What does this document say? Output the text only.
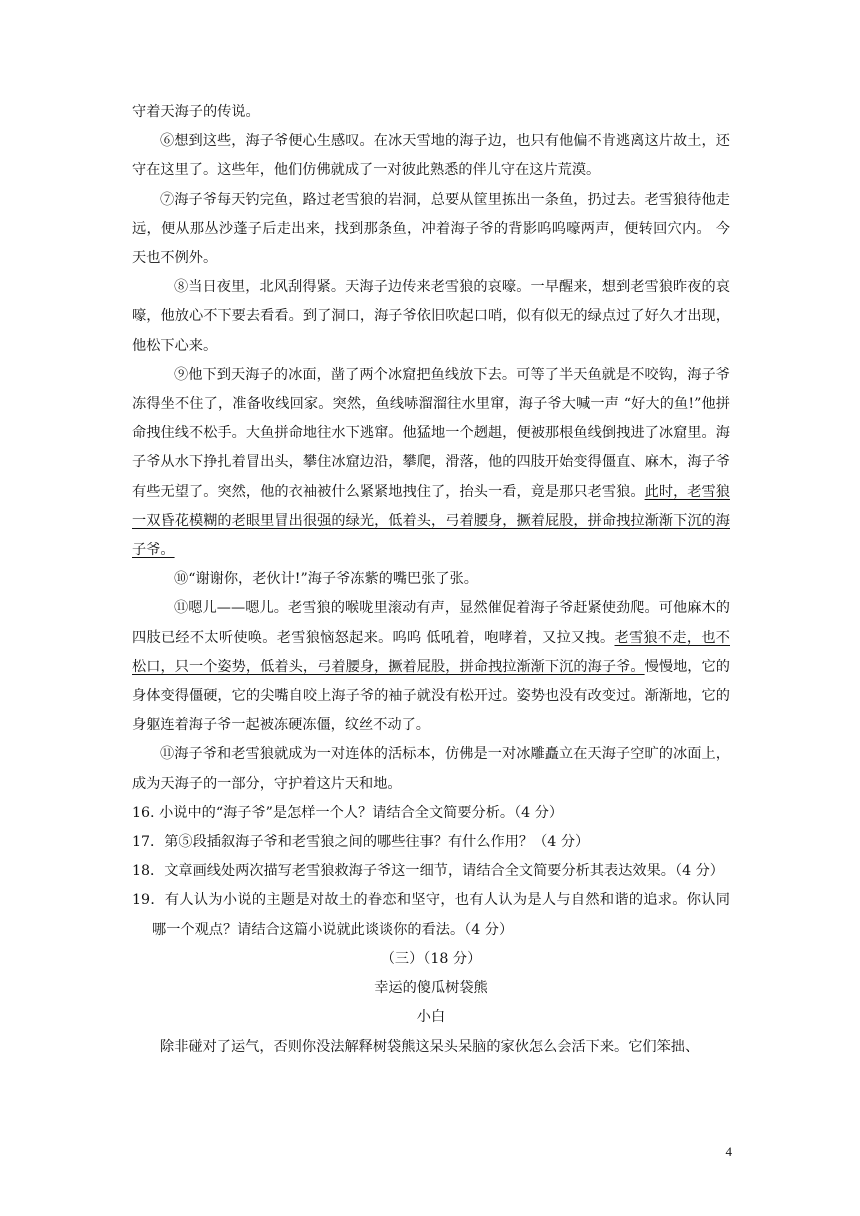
守着天海子的传说。

⑥想到这些，海子爷便心生感叹。在冰天雪地的海子边，也只有他偏不肯逃离这片故土，还守在这里了。这些年，他们仿佛就成了一对彼此熟悉的伴儿守在这片荒漠。

⑦海子爷每天钓完鱼，路过老雪狼的岩洞，总要从筐里拣出一条鱼，扔过去。老雪狼待他走远，便从那丛沙蓬子后走出来，找到那条鱼，冲着海子爷的背影呜呜嚎两声，便转回穴内。 今天也不例外。

⑧当日夜里，北风刮得紧。天海子边传来老雪狼的哀嚎。一早醒来，想到老雪狼昨夜的哀嚎，他放心不下要去看看。到了洞口，海子爷依旧吹起口哨，似有似无的绿点过了好久才出现，他松下心来。

⑨他下到天海子的冰面，凿了两个冰窟把鱼线放下去。可等了半天鱼就是不咬钩，海子爷冻得坐不住了，准备收线回家。突然，鱼线哧溜溜往水里窜，海子爷大喊一声 “好大的鱼!”他拼命拽住线不松手。大鱼拼命地往水下逃窜。他猛地一个趔趄，便被那根鱼线倒拽进了冰窟里。海子爷从水下挣扎着冒出头，攀住冰窟边沿，攀爬，滑落，他的四肢开始变得僵直、麻木，海子爷有些无望了。突然，他的衣袖被什么紧紧地拽住了，抬头一看，竟是那只老雪狼。此时，老雪狼一双昏花模糊的老眼里冒出很强的绿光，低着头，弓着腰身，撅着屁股，拼命拽拉渐渐下沉的海子爷。

⑩“谢谢你，老伙计!”海子爷冻紫的嘴巴张了张。

⑪嗯儿——嗯儿。老雪狼的喉咙里滚动有声，显然催促着海子爷赶紧使劲爬。可他麻木的四肢已经不太听使唤。老雪狼恼怒起来。呜呜 低吼着，咆哮着，又拉又拽。老雪狼不走，也不松口，只一个姿势，低着头，弓着腰身，撅着屁股，拼命拽拉渐渐下沉的海子爷。慢慢地，它的身体变得僵硬，它的尖嘴自咬上海子爷的袖子就没有松开过。姿势也没有改变过。渐渐地，它的身躯连着海子爷一起被冻硬冻僵，纹丝不动了。

⑪海子爷和老雪狼就成为一对连体的活标本，仿佛是一对冰雕矗立在天海子空旷的冰面上，成为天海子的一部分，守护着这片天和地。

16. 小说中的“海子爷”是怎样一个人？请结合全文简要分析。（4 分）

17．第⑤段插叙海子爷和老雪狼之间的哪些往事？有什么作用？（4 分）

18．文章画线处两次描写老雪狼救海子爷这一细节，请结合全文简要分析其表达效果。（4 分）

19．有人认为小说的主题是对故土的眷恋和坚守，也有人认为是人与自然和谐的追求。你认同哪一个观点？请结合这篇小说就此谈谈你的看法。（4 分）

（三）（18 分）

幸运的傻瓜树袋熊

小白

除非碰对了运气，否则你没法解释树袋熊这呆头呆脑的家伙怎么会活下来。它们笨拙、

4
